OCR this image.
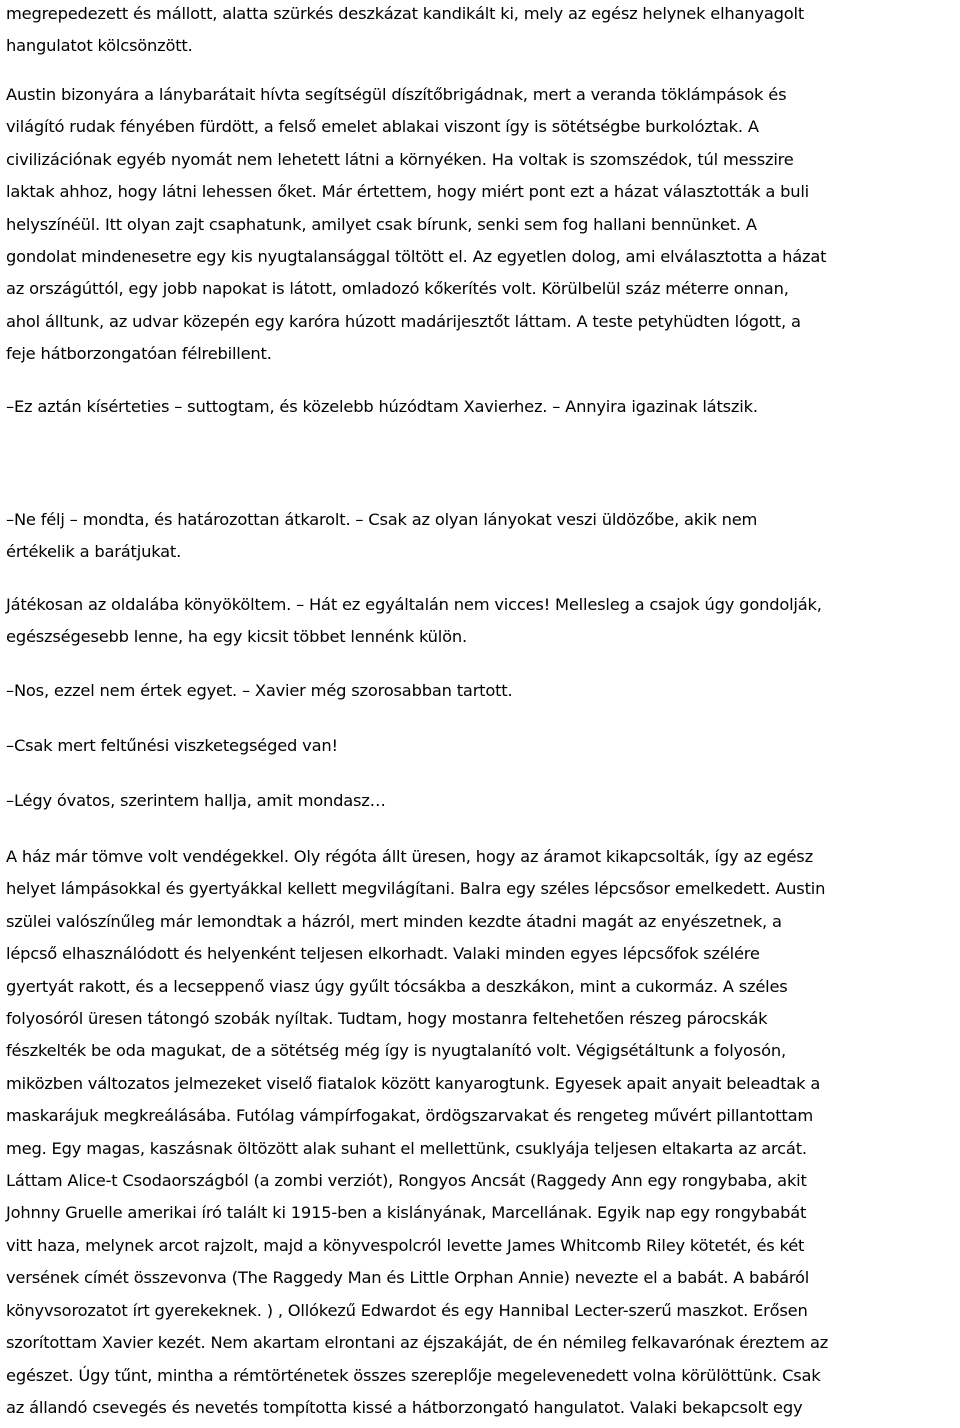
megrepedezett és mállott, alatta szürkés deszkázat kandikált ki, mely az egész helynek elhanyagolt
hangulatot kölcsönzött.

Austin bizonyára a lánybarátait hívta segítségül díszítőbrigádnak, mert a veranda töklámpások és
világító rudak fényében fürdött, a felső emelet ablakai viszont így is sötétségbe burkolóztak. A
civilizációnak egyéb nyomát nem lehetett látni a környéken. Ha voltak is szomszédok, túl messzire
laktak ahhoz, hogy látni lehessen őket. Már értettem, hogy miért pont ezt a házat választották a buli
helyszínéül. Itt olyan zajt csaphatunk, amilyet csak bírunk, senki sem fog hallani bennünket. A
gondolat mindenesetre egy kis nyugtalansággal töltött el. Az egyetlen dolog, ami elválasztotta a házat
az országúttól, egy jobb napokat is látott, omladozó kőkerítés volt. Körülbelül száz méterre onnan,
ahol álltunk, az udvar közepén egy karóra húzott madárijesztőt láttam. A teste petyhüdten lógott, a
feje hátborzongatóan félrebillent.

–Ez aztán kísérteties – suttogtam, és közelebb húzódtam Xavierhez. – Annyira igazinak látszik.

–Ne félj – mondta, és határozottan átkarolt. – Csak az olyan lányokat veszi üldözőbe, akik nem
értékelik a barátjukat.

Játékosan az oldalába könyököltem. – Hát ez egyáltalán nem vicces! Mellesleg a csajok úgy gondolják,
egészségesebb lenne, ha egy kicsit többet lennénk külön.

–Nos, ezzel nem értek egyet. – Xavier még szorosabban tartott.

–Csak mert feltűnési viszketegséged van!

–Légy óvatos, szerintem hallja, amit mondasz…

A ház már tömve volt vendégekkel. Oly régóta állt üresen, hogy az áramot kikapcsolták, így az egész
helyet lámpásokkal és gyertyákkal kellett megvilágítani. Balra egy széles lépcsősor emelkedett. Austin
szülei valószínűleg már lemondtak a házról, mert minden kezdte átadni magát az enyészetnek, a
lépcső elhasználódott és helyenként teljesen elkorhadt. Valaki minden egyes lépcsőfok szélére
gyertyát rakott, és a lecseppenő viasz úgy gyűlt tócsákba a deszkákon, mint a cukormáz. A széles
folyosóról üresen tátongó szobák nyíltak. Tudtam, hogy mostanra feltehetően részeg párocskák
fészkelték be oda magukat, de a sötétség még így is nyugtalanító volt. Végigsétáltunk a folyosón,
miközben változatos jelmezeket viselő fiatalok között kanyarogtunk. Egyesek apait anyait beleadtak a
maskarájuk megkreálásába. Futólag vámpírfogakat, ördögszarvakat és rengeteg művért pillantottam
meg. Egy magas, kaszásnak öltözött alak suhant el mellettünk, csuklyája teljesen eltakarta az arcát.
Láttam Alice-t Csodaországból (a zombi verziót), Rongyos Ancsát (Raggedy Ann egy rongybaba, akit
Johnny Gruelle amerikai író talált ki 1915-ben a kislányának, Marcellának. Egyik nap egy rongybabát
vitt haza, melynek arcot rajzolt, majd a könyvespolcról levette James Whitcomb Riley kötetét, és két
versének címét összevonva (The Raggedy Man és Little Orphan Annie) nevezte el a babát. A babáról
könyvsorozatot írt gyerekeknek. ) , Ollókezű Edwardot és egy Hannibal Lecter-szerű maszkot. Erősen
szorítottam Xavier kezét. Nem akartam elrontani az éjszakáját, de én némileg felkavarónak éreztem az
egészet. Úgy tűnt, mintha a rémtörténetek összes szereplője megelevenedett volna körülöttünk. Csak
az állandó csevegés és nevetés tompította kissé a hátborzongató hangulatot. Valaki bekapcsolt egy
